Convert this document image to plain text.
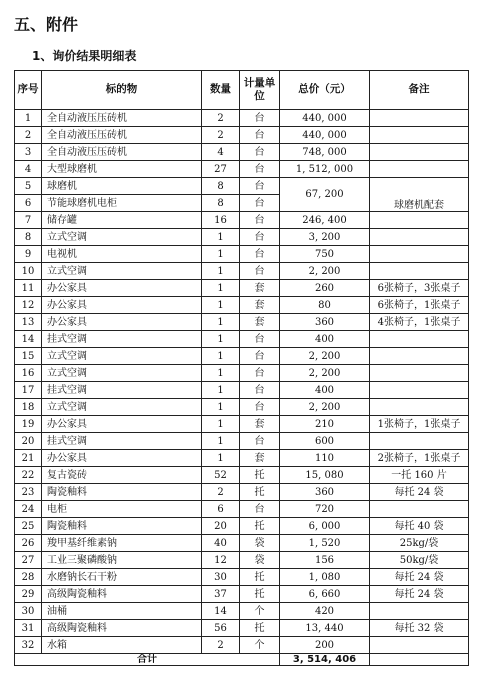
五、附件
1、询价结果明细表
序号	标的物	数量	计量单位	总价（元）	备注
1	全自动液压压砖机	2	台	440, 000	
2	全自动液压压砖机	2	台	440, 000	
3	全自动液压压砖机	4	台	748, 000	
4	大型球磨机	27	台	1, 512, 000	
5	球磨机	8	台	67, 200	球磨机配套
6	节能球磨机电柜	8	台		
7	储存罐	16	台	246, 400	
8	立式空调	1	台	3, 200	
9	电视机	1	台	750	
10	立式空调	1	台	2, 200	
11	办公家具	1	套	260	6张椅子，3张桌子
12	办公家具	1	套	80	6张椅子，1张桌子
13	办公家具	1	套	360	4张椅子，1张桌子
14	挂式空调	1	台	400	
15	立式空调	1	台	2, 200	
16	立式空调	1	台	2, 200	
17	挂式空调	1	台	400	
18	立式空调	1	台	2, 200	
19	办公家具	1	套	210	1张椅子，1张桌子
20	挂式空调	1	台	600	
21	办公家具	1	套	110	2张椅子，1张桌子
22	复古瓷砖	52	托	15, 080	一托 160 片
23	陶瓷釉料	2	托	360	每托 24 袋
24	电柜	6	台	720	
25	陶瓷釉料	20	托	6, 000	每托 40 袋
26	羧甲基纤维素钠	40	袋	1, 520	25kg/袋
27	工业三聚磷酸钠	12	袋	156	50kg/袋
28	水磨钠长石干粉	30	托	1, 080	每托 24 袋
29	高级陶瓷釉料	37	托	6, 660	每托 24 袋
30	油桶	14	个	420	
31	高级陶瓷釉料	56	托	13, 440	每托 32 袋
32	水箱	2	个	200	
合计				3, 514, 406	
